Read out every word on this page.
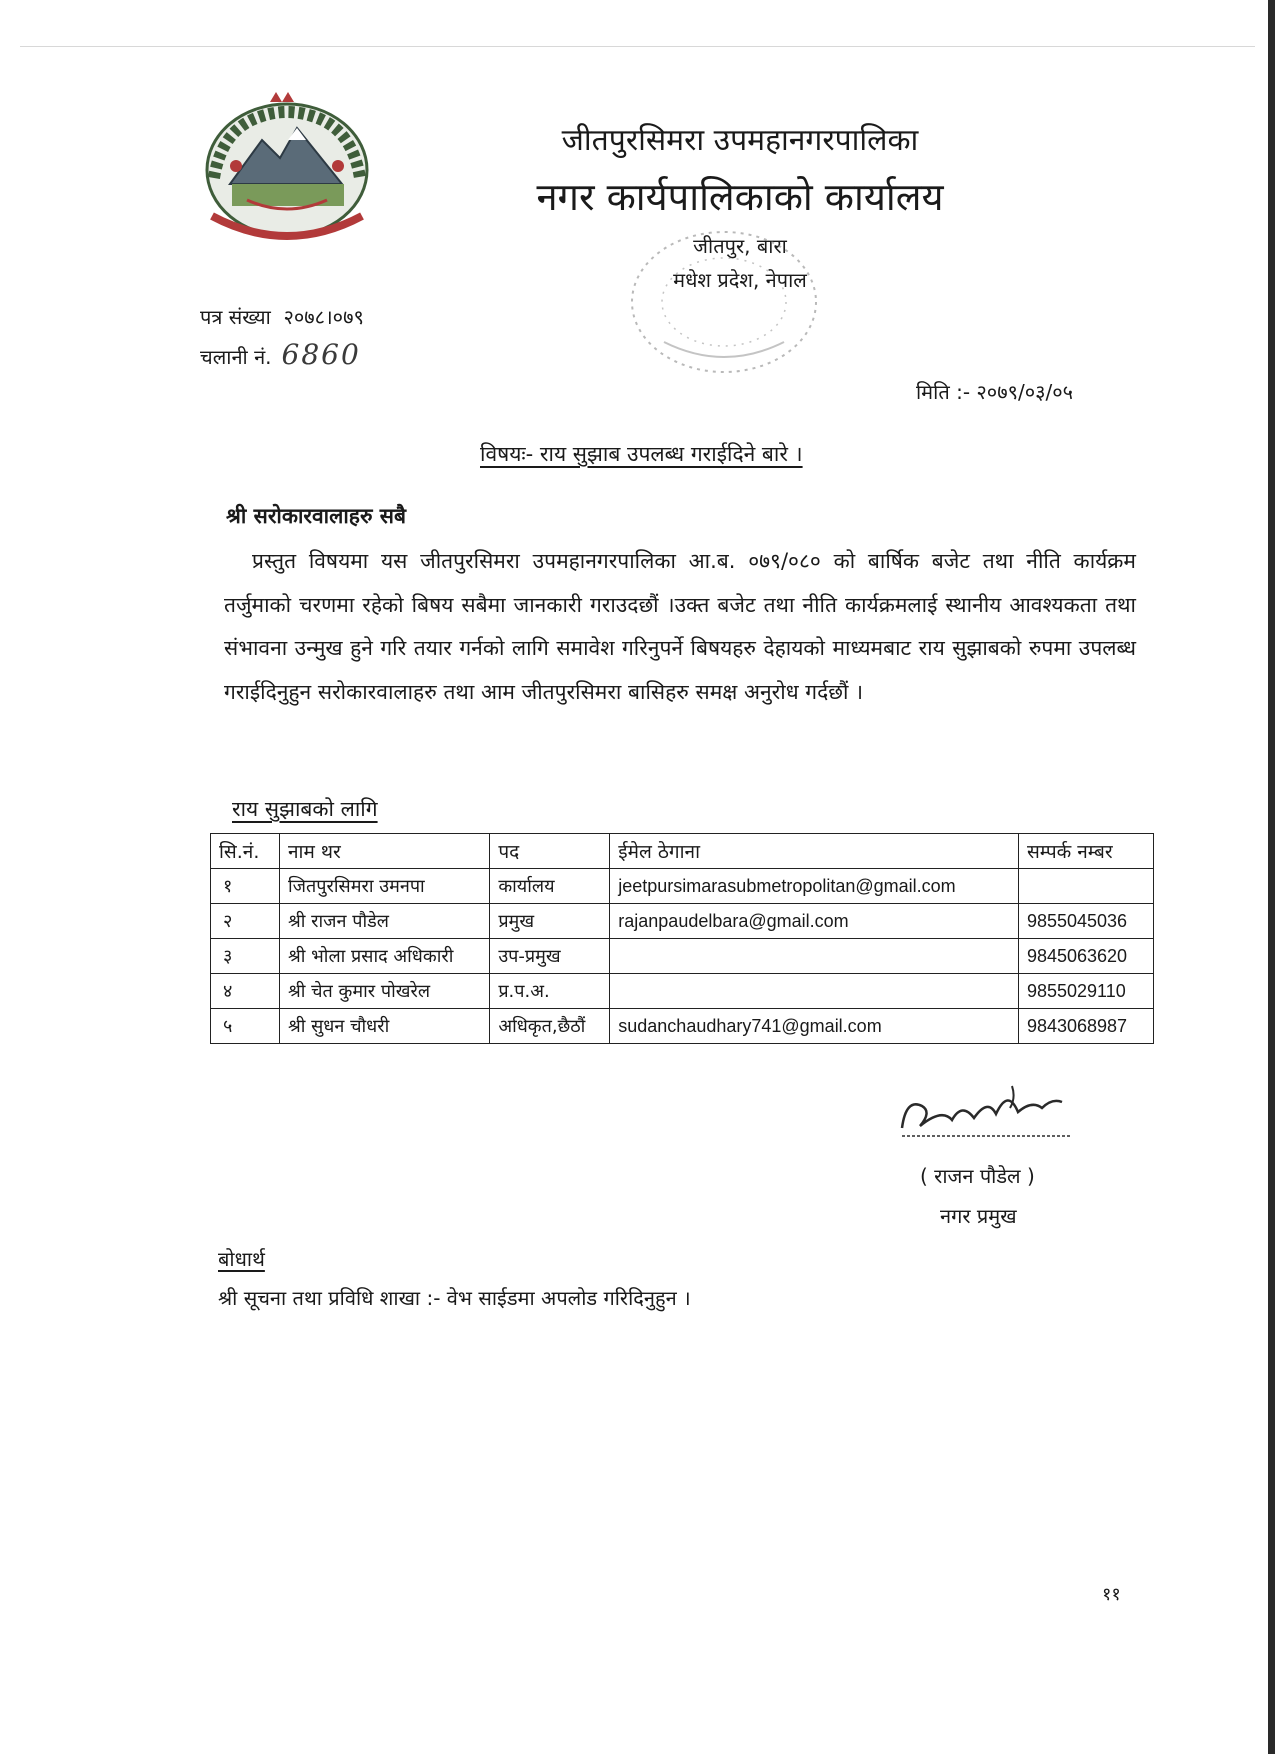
जीतपुरसिमरा उपमहानगरपालिका
नगर कार्यपालिकाको कार्यालय
जीतपुर, बारा
मधेश प्रदेश, नेपाल
पत्र संख्या २०७८।०७९
चलानी नं. 6860
मिति :- २०७९/०३/०५
विषयः- राय सुझाब उपलब्ध गराईदिने बारे ।
श्री सरोकारवालाहरु सबै
प्रस्तुत विषयमा यस जीतपुरसिमरा उपमहानगरपालिका आ.ब. ०७९/०८० को बार्षिक बजेट तथा नीति कार्यक्रम तर्जुमाको चरणमा रहेको बिषय सबैमा जानकारी गराउदछौं ।उक्त बजेट तथा नीति कार्यक्रमलाई स्थानीय आवश्यकता तथा संभावना उन्मुख हुने गरि तयार गर्नको लागि समावेश गरिनुपर्ने बिषयहरु देहायको माध्यमबाट राय सुझाबको रुपमा उपलब्ध गराईदिनुहुन सरोकारवालाहरु तथा आम जीतपुरसिमरा बासिहरु समक्ष अनुरोध गर्दछौं ।
राय सुझाबको लागि
सि.नं.	नाम थर	पद	ईमेल ठेगाना	सम्पर्क नम्बर
१	जितपुरसिमरा उमनपा	कार्यालय	jeetpursimarasubmetropolitan@gmail.com	
२	श्री राजन पौडेल	प्रमुख	rajanpaudelbara@gmail.com	9855045036
३	श्री भोला प्रसाद अधिकारी	उप-प्रमुख		9845063620
४	श्री चेत कुमार पोखरेल	प्र.प.अ.		9855029110
५	श्री सुधन चौधरी	अधिकृत,छैठौं	sudanchaudhary741@gmail.com	9843068987
( राजन पौडेल )
नगर प्रमुख
बोधार्थ
श्री सूचना तथा प्रविधि शाखा :- वेभ साईडमा अपलोड गरिदिनुहुन ।
११
